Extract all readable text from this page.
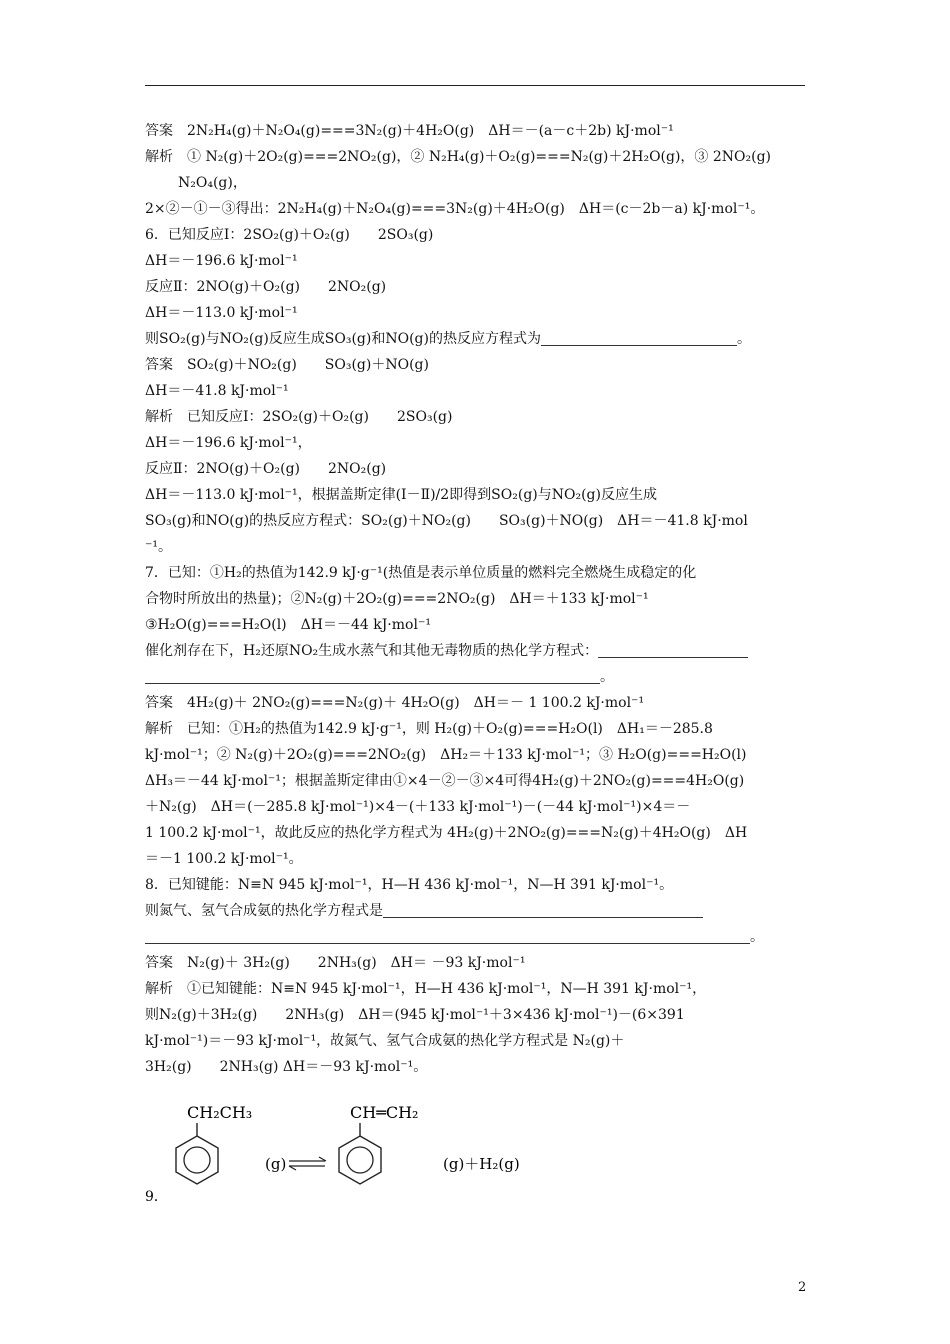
答案　2N₂H₄(g)＋N₂O₄(g)===3N₂(g)＋4H₂O(g)　ΔH＝－(a－c＋2b) kJ·mol⁻¹
解析　① N₂(g)＋2O₂(g)===2NO₂(g)，② N₂H₄(g)＋O₂(g)===N₂(g)＋2H₂O(g)，③ 2NO₂(g)
N₂O₄(g)，
2×②－①－③得出：2N₂H₄(g)＋N₂O₄(g)===3N₂(g)＋4H₂O(g)　ΔH＝(c－2b－a) kJ·mol⁻¹。
6．已知反应Ⅰ：2SO₂(g)＋O₂(g)　　2SO₃(g)
ΔH＝－196.6 kJ·mol⁻¹
反应Ⅱ：2NO(g)＋O₂(g)　　2NO₂(g)
ΔH＝－113.0 kJ·mol⁻¹
则SO₂(g)与NO₂(g)反应生成SO₃(g)和NO(g)的热反应方程式为	。
答案　SO₂(g)＋NO₂(g)　　SO₃(g)＋NO(g)
ΔH＝－41.8 kJ·mol⁻¹
解析　已知反应Ⅰ：2SO₂(g)＋O₂(g)　　2SO₃(g)
ΔH＝－196.6 kJ·mol⁻¹，
反应Ⅱ：2NO(g)＋O₂(g)　　2NO₂(g)
ΔH＝－113.0 kJ·mol⁻¹，根据盖斯定律(Ⅰ－Ⅱ)/2即得到SO₂(g)与NO₂(g)反应生成
SO₃(g)和NO(g)的热反应方程式：SO₂(g)＋NO₂(g)　　SO₃(g)＋NO(g)　ΔH＝－41.8 kJ·mol
⁻¹。
7．已知：①H₂的热值为142.9 kJ·g⁻¹(热值是表示单位质量的燃料完全燃烧生成稳定的化
合物时所放出的热量)；②N₂(g)＋2O₂(g)===2NO₂(g)　ΔH＝＋133 kJ·mol⁻¹
③H₂O(g)===H₂O(l)　ΔH＝－44 kJ·mol⁻¹
催化剂存在下，H₂还原NO₂生成水蒸气和其他无毒物质的热化学方程式：
。
答案　4H₂(g)＋ 2NO₂(g)===N₂(g)＋ 4H₂O(g)　ΔH＝－ 1 100.2 kJ·mol⁻¹
解析　已知：①H₂的热值为142.9 kJ·g⁻¹，则 H₂(g)＋O₂(g)===H₂O(l)　ΔH₁＝－285.8
kJ·mol⁻¹；② N₂(g)＋2O₂(g)===2NO₂(g)　ΔH₂＝＋133 kJ·mol⁻¹；③ H₂O(g)===H₂O(l)
ΔH₃＝－44 kJ·mol⁻¹；根据盖斯定律由①×4－②－③×4可得4H₂(g)＋2NO₂(g)===4H₂O(g)
＋N₂(g)　ΔH＝(－285.8 kJ·mol⁻¹)×4－(＋133 kJ·mol⁻¹)－(－44 kJ·mol⁻¹)×4＝－
1 100.2 kJ·mol⁻¹，故此反应的热化学方程式为 4H₂(g)＋2NO₂(g)===N₂(g)＋4H₂O(g)　ΔH
＝－1 100.2 kJ·mol⁻¹。
8．已知键能：N≡N 945 kJ·mol⁻¹，H—H 436 kJ·mol⁻¹，N—H 391 kJ·mol⁻¹。
则氮气、氢气合成氨的热化学方程式是
。
答案　N₂(g)＋ 3H₂(g)　　2NH₃(g)　ΔH＝ －93 kJ·mol⁻¹
解析　①已知键能：N≡N 945 kJ·mol⁻¹，H—H 436 kJ·mol⁻¹，N—H 391 kJ·mol⁻¹，
则N₂(g)＋3H₂(g)　　2NH₃(g)　ΔH＝(945 kJ·mol⁻¹＋3×436 kJ·mol⁻¹)－(6×391
kJ·mol⁻¹)＝－93 kJ·mol⁻¹，故氮气、氢气合成氨的热化学方程式是 N₂(g)＋
3H₂(g)　　2NH₃(g) ΔH＝－93 kJ·mol⁻¹。
CH₂CH₃
(g)
CH═CH₂
(g)＋H₂(g)
9．
2
